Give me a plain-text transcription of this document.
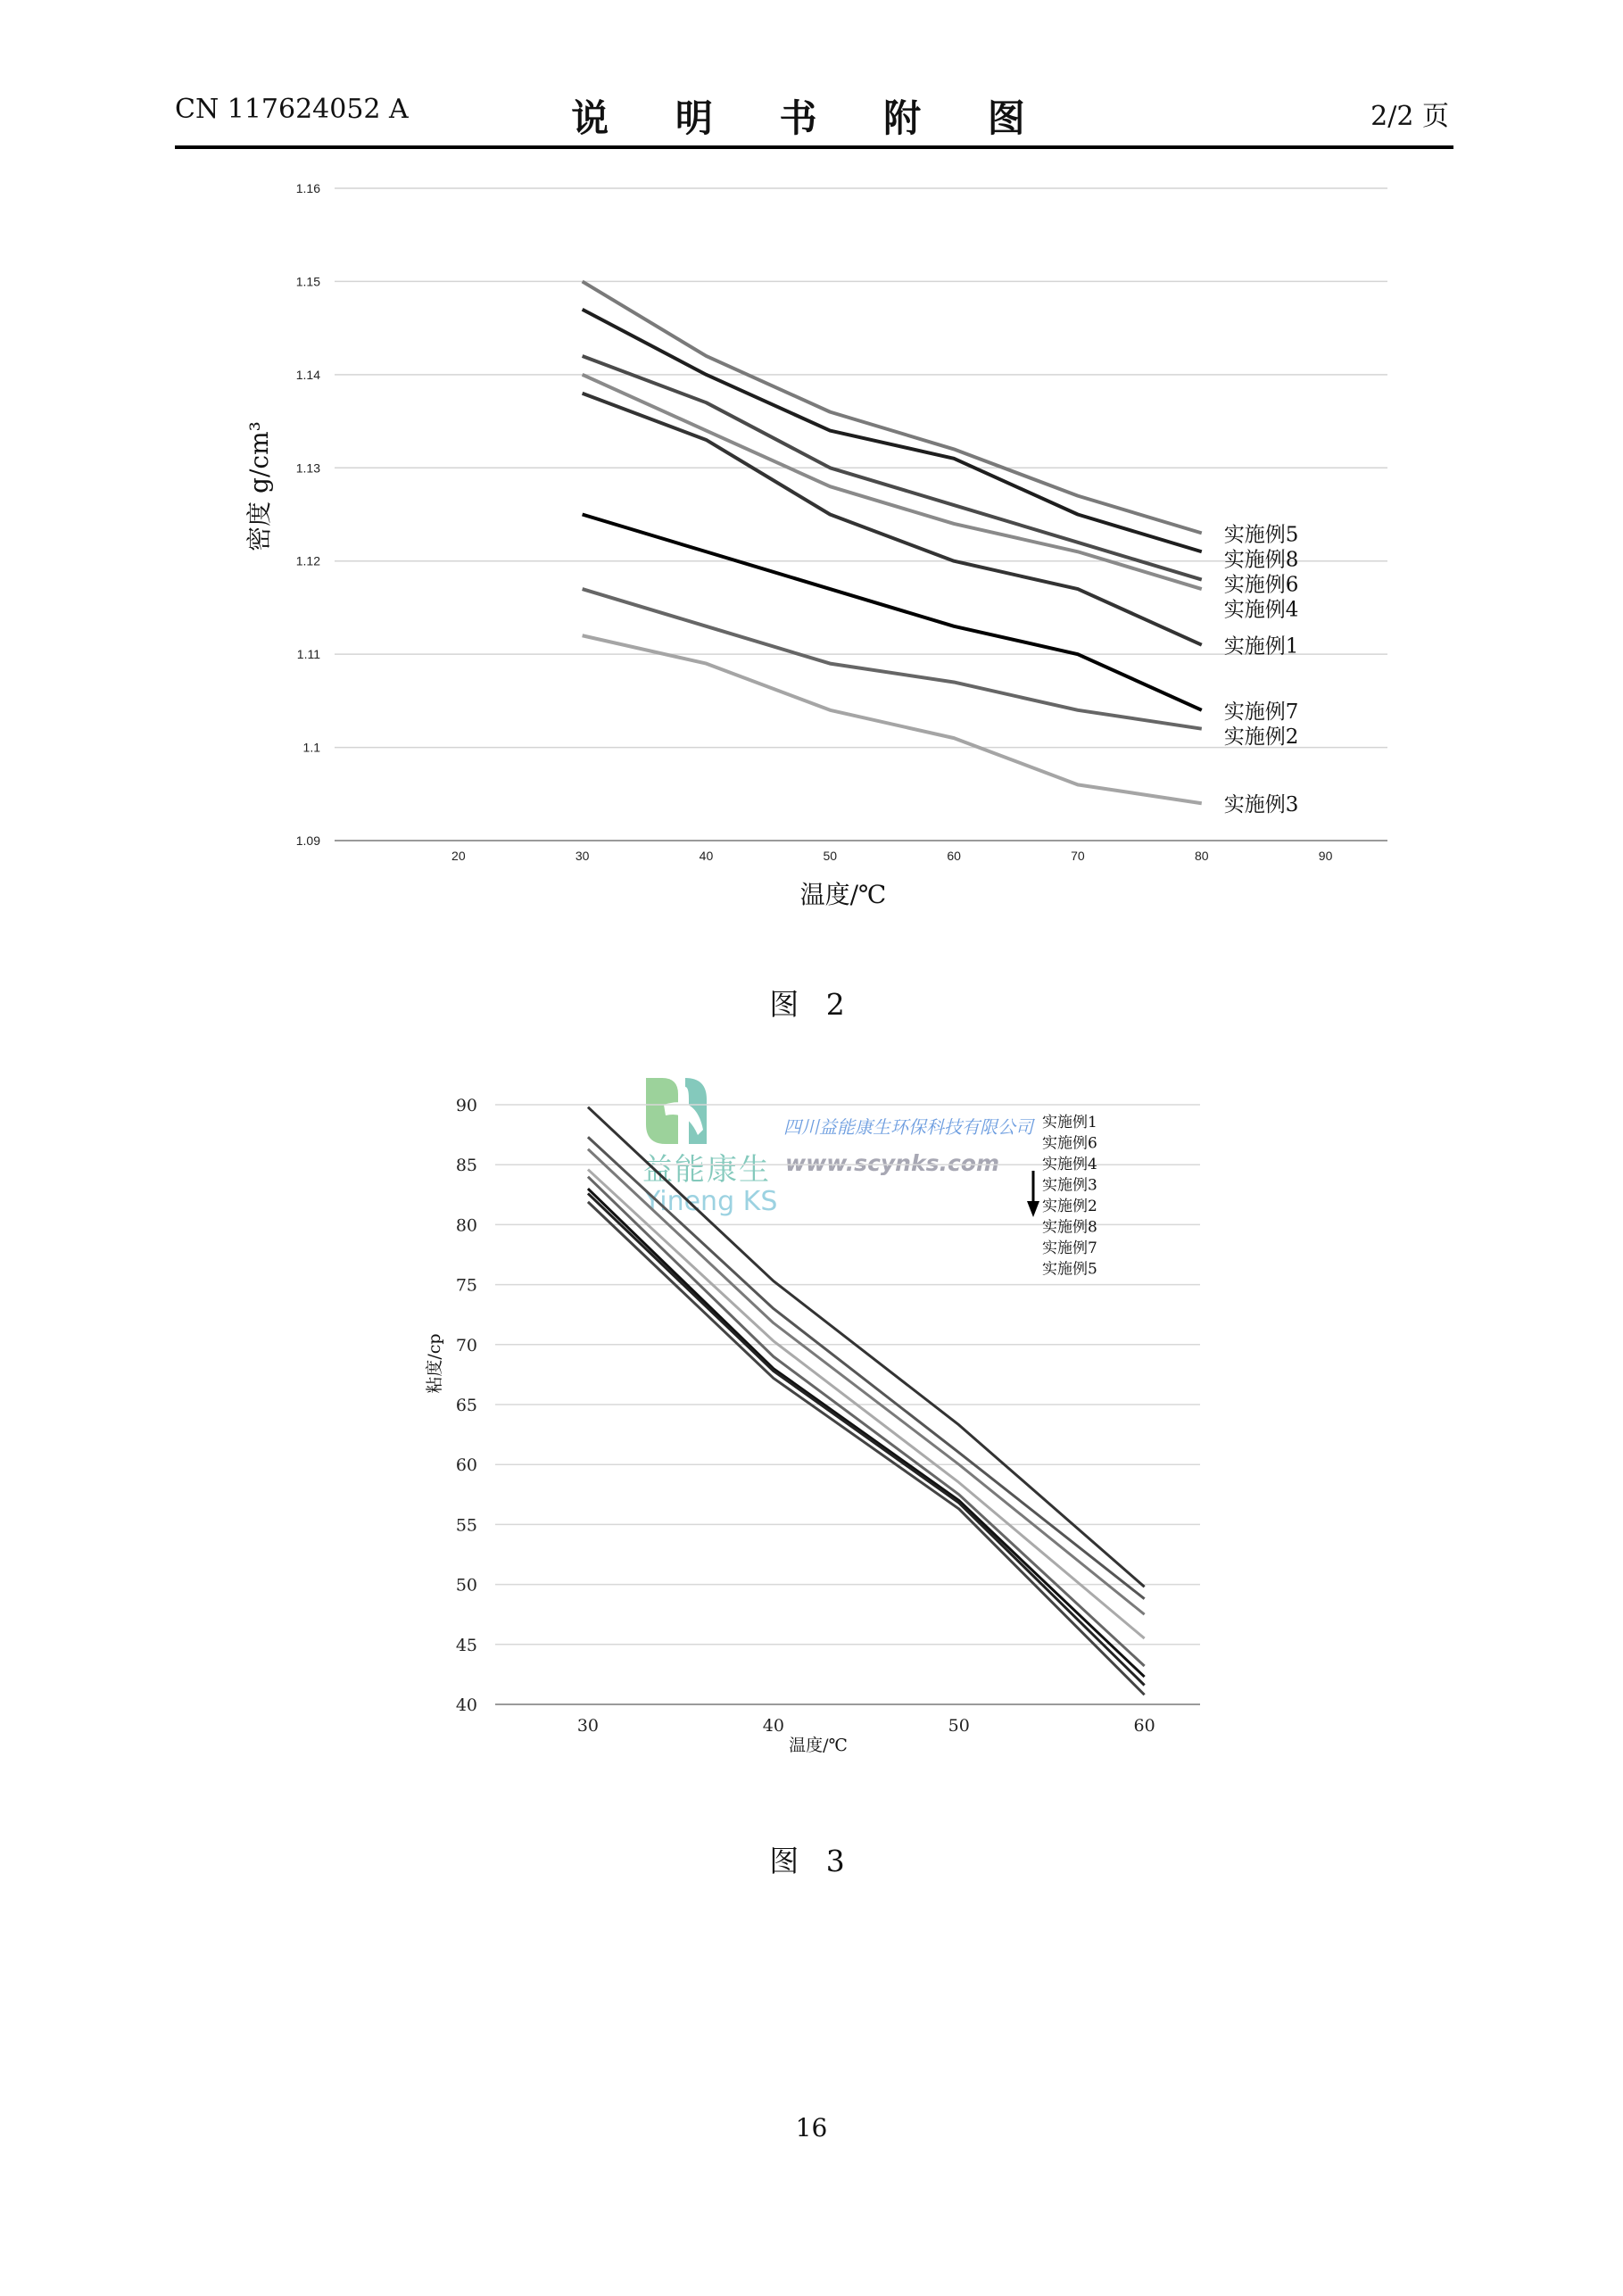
CN 117624052 A	说 明 书 附 图	2/2 页
1.09
1.1
1.11
1.12
1.13
1.14
1.15
1.16
20	30	40	50	60	70	80	90
实施例5
实施例8
实施例6
实施例4
实施例1
实施例7
实施例2
实施例3
温度/℃
密度 g/cm³
图 2
益能康生
Yineng KS
四川益能康生环保科技有限公司
www.scynks.com
40
45
50
55
60
65
70
75
80
85
90
30	40	50	60
实施例1
实施例6
实施例4
实施例3
实施例2
实施例8
实施例7
实施例5
温度/℃
粘度/cp
图 3
16
